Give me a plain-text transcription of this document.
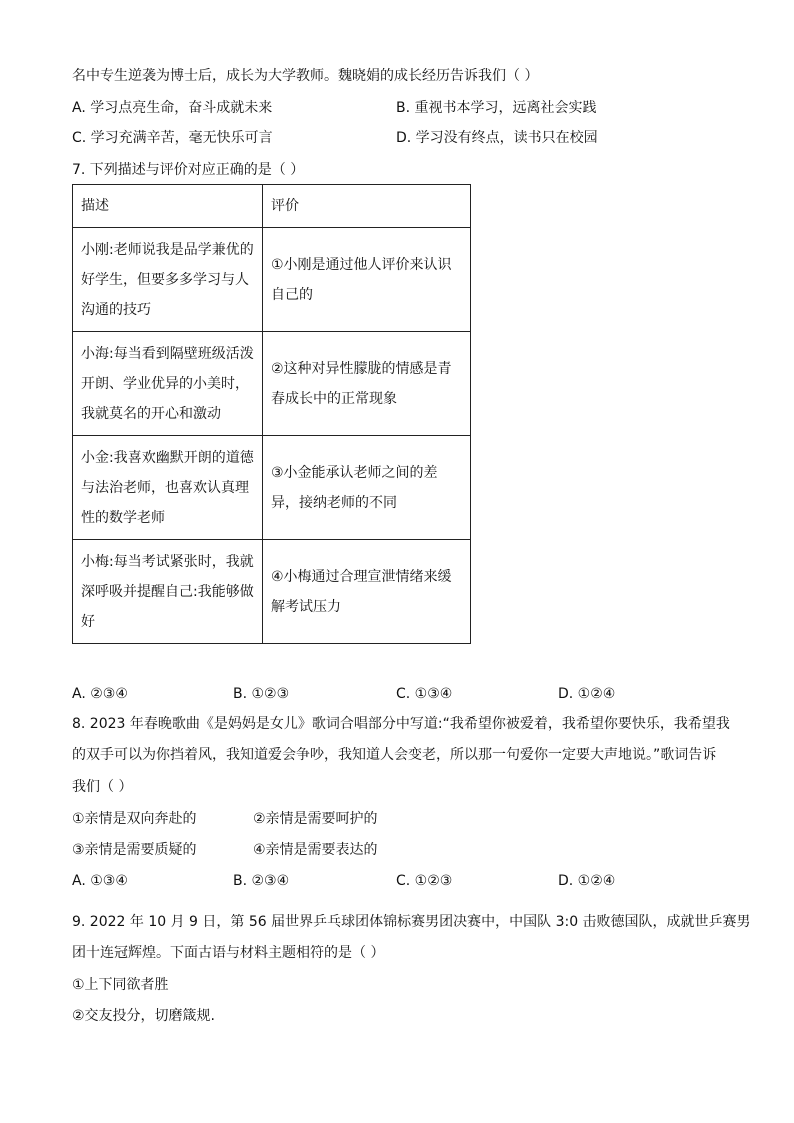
名中专生逆袭为博士后，成长为大学教师。魏晓娟的成长经历告诉我们（ ）
A. 学习点亮生命，奋斗成就未来	B. 重视书本学习，远离社会实践
C. 学习充满辛苦，毫无快乐可言	D. 学习没有终点，读书只在校园
7. 下列描述与评价对应正确的是（ ）
描述	评价

小刚:老师说我是品学兼优的好学生，但要多多学习与人沟通的技巧	①小刚是通过他人评价来认识自己的

小海:每当看到隔壁班级活泼开朗、学业优异的小美时，我就莫名的开心和激动	②这种对异性朦胧的情感是青春成长中的正常现象

小金:我喜欢幽默开朗的道德与法治老师，也喜欢认真理性的数学老师	③小金能承认老师之间的差异，接纳老师的不同

小梅:每当考试紧张时，我就深呼吸并提醒自己:我能够做好	④小梅通过合理宣泄情绪来缓解考试压力
A. ②③④	B. ①②③	C. ①③④	D. ①②④
8. 2023 年春晚歌曲《是妈妈是女儿》歌词合唱部分中写道:“我希望你被爱着，我希望你要快乐，我希望我
的双手可以为你挡着风，我知道爱会争吵，我知道人会变老，所以那一句爱你一定要大声地说。”歌词告诉
我们（ ）
①亲情是双向奔赴的	②亲情是需要呵护的
③亲情是需要质疑的	④亲情是需要表达的
A. ①③④	B. ②③④	C. ①②③	D. ①②④
9. 2022 年 10 月 9 日，第 56 届世界乒乓球团体锦标赛男团决赛中，中国队 3:0 击败德国队，成就世乒赛男
团十连冠辉煌。下面古语与材料主题相符的是（ ）
①上下同欲者胜
②交友投分，切磨箴规.
